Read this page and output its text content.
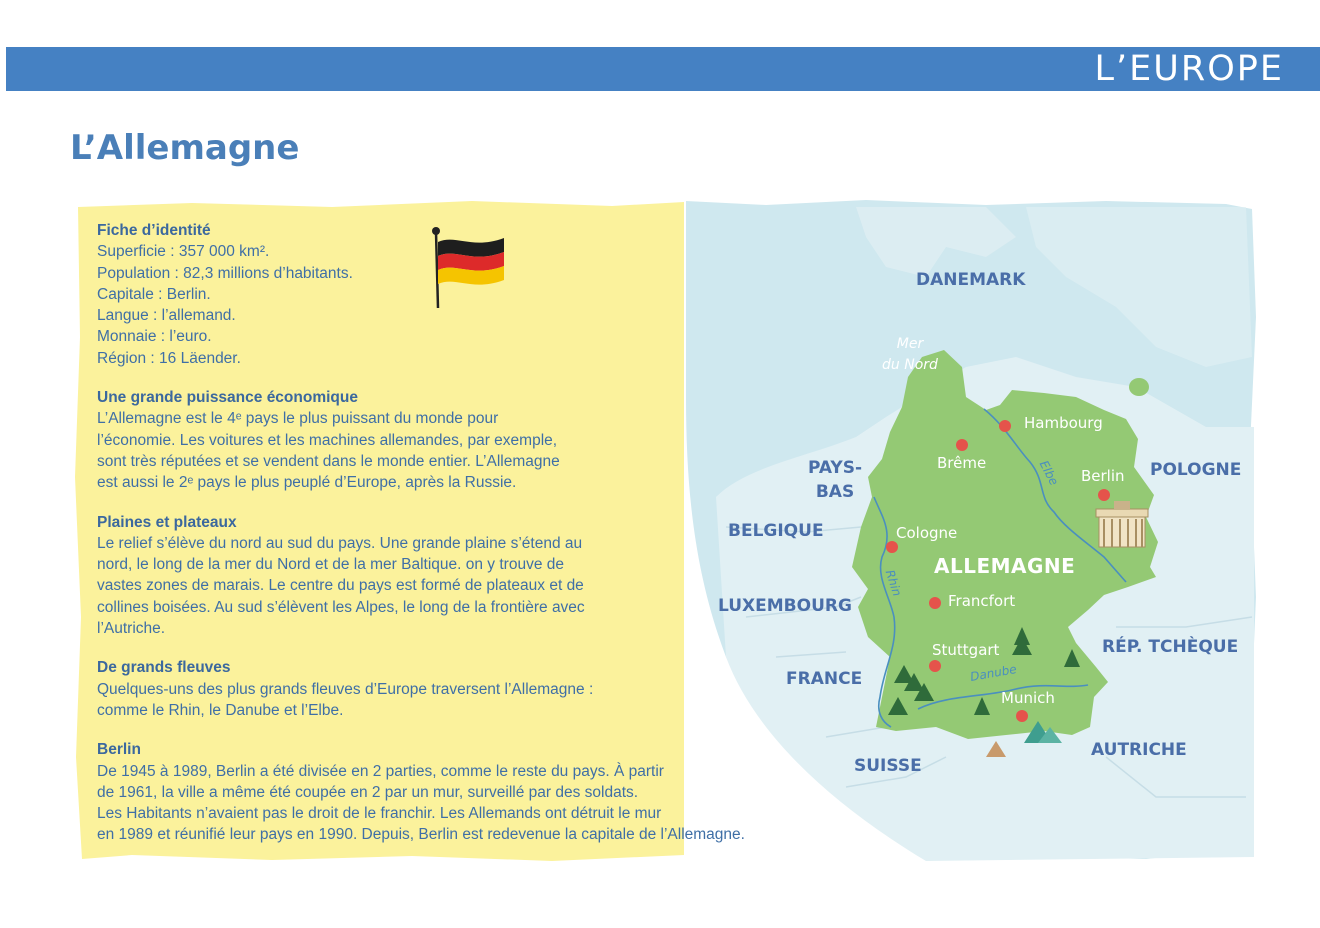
L’EUROPE
L’Allemagne
DANEMARK
Mer
du Nord
PAYS-
BAS
POLOGNE
BELGIQUE
LUXEMBOURG
FRANCE
RÉP. TCHÈQUE
SUISSE
AUTRICHE
ALLEMAGNE
Hambourg
Brême
Berlin
Cologne
Francfort
Stuttgart
Munich
Elbe
Rhin
Danube
Fiche d’identité

Superficie : 357 000 km².

Population : 82,3 millions d’habitants.

Capitale : Berlin.

Langue : l’allemand.

Monnaie : l’euro.

Région : 16 Läender.

Une grande puissance économique

L’Allemagne est le 4ᵉ pays le plus puissant du monde pour

l’économie. Les voitures et les machines allemandes, par exemple,

sont très réputées et se vendent dans le monde entier. L’Allemagne

est aussi le 2ᵉ pays le plus peuplé d’Europe, après la Russie.

Plaines et plateaux

Le relief s’élève du nord au sud du pays. Une grande plaine s’étend au

nord, le long de la mer du Nord et de la mer Baltique. on y trouve de

vastes zones de marais. Le centre du pays est formé de plateaux et de

collines boisées. Au sud s’élèvent les Alpes, le long de la frontière avec

l’Autriche.

De grands fleuves

Quelques-uns des plus grands fleuves d’Europe traversent l’Allemagne :

comme le Rhin, le Danube et l’Elbe.

Berlin

De 1945 à 1989, Berlin a été divisée en 2 parties, comme le reste du pays. À partir

de 1961, la ville a même été coupée en 2 par un mur, surveillé par des soldats.

Les Habitants n’avaient pas le droit de le franchir. Les Allemands ont détruit le mur

en 1989 et réunifié leur pays en 1990. Depuis, Berlin est redevenue la capitale de l’Allemagne.
